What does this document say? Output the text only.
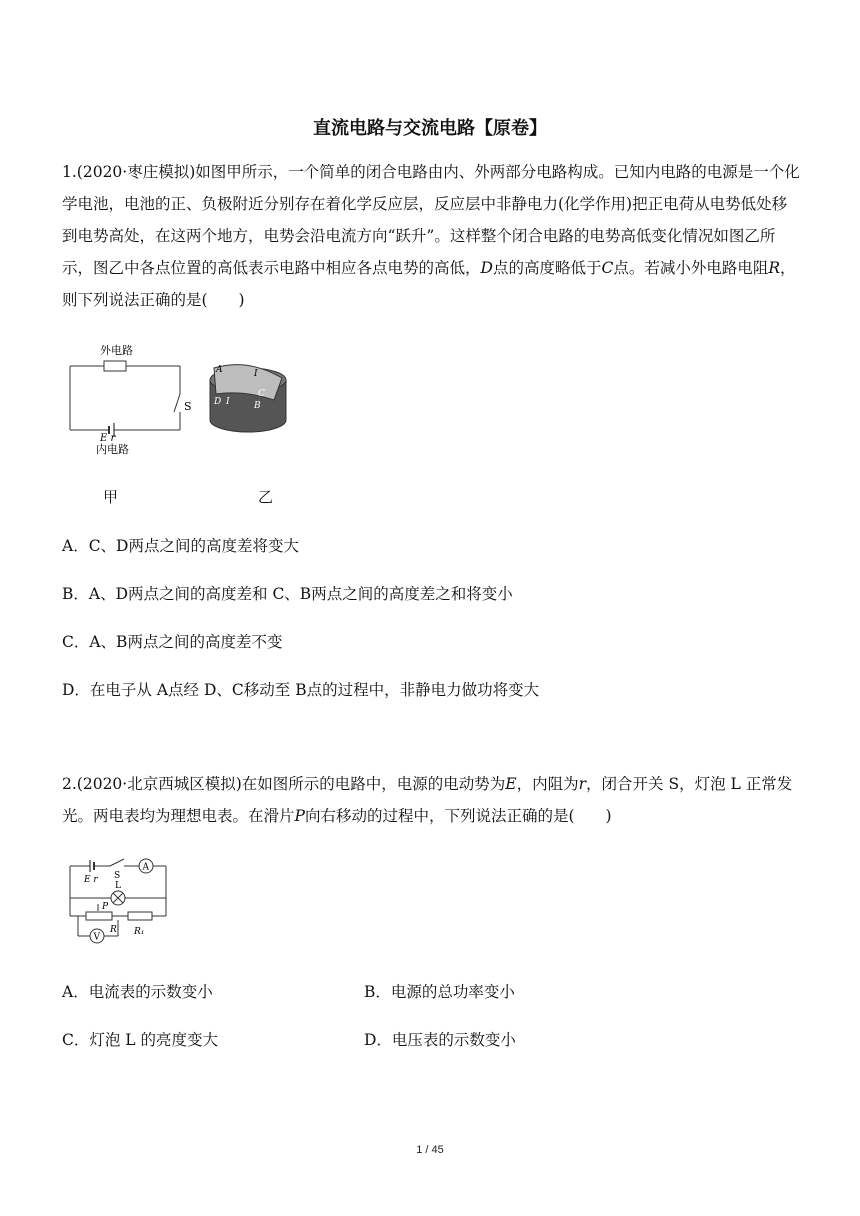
直流电路与交流电路【原卷】
1.(2020·枣庄模拟)如图甲所示，一个简单的闭合电路由内、外两部分电路构成。已知内电路的电源是一个化学电池，电池的正、负极附近分别存在着化学反应层，反应层中非静电力(化学作用)把正电荷从电势低处移到电势高处，在这两个地方，电势会沿电流方向“跃升”。这样整个闭合电路的电势高低变化情况如图乙所示，图乙中各点位置的高低表示电路中相应各点电势的高低，D点的高度略低于C点。若减小外电路电阻R，则下列说法正确的是(　　)
外电路
S
E r
内电路
A	I
C
D I	B
甲	乙
A．C、D两点之间的高度差将变大
B．A、D两点之间的高度差和 C、B两点之间的高度差之和将变小
C．A、B两点之间的高度差不变
D．在电子从 A点经 D、C移动至 B点的过程中，非静电力做功将变大
2.(2020·北京西城区模拟)在如图所示的电路中，电源的电动势为E，内阻为r，闭合开关 S，灯泡 L 正常发光。两电表均为理想电表。在滑片P向右移动的过程中，下列说法正确的是(　　)
A
E r S
L
P
V
R R₁
A．电流表的示数变小	B．电源的总功率变小
C．灯泡 L 的亮度变大	D．电压表的示数变小
1 / 45
